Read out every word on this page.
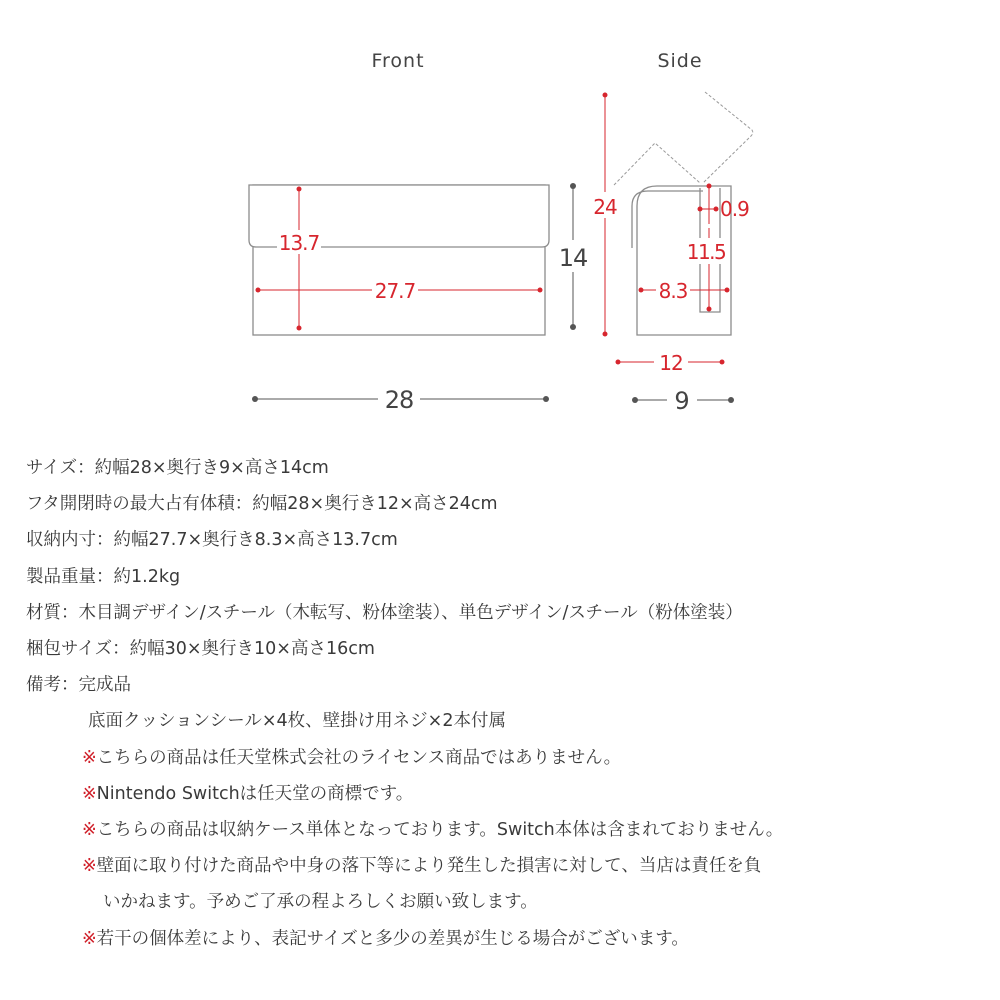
Front	Side
13.7
27.7
14
28
24	0.9
11.5
8.3
12
9
サイズ：約幅28×奥行き9×高さ14cm
フタ開閉時の最大占有体積：約幅28×奥行き12×高さ24cm
収納内寸：約幅27.7×奥行き8.3×高さ13.7cm
製品重量：約1.2kg
材質：木目調デザイン/スチール（木転写、粉体塗装）、単色デザイン/スチール（粉体塗装）
梱包サイズ：約幅30×奥行き10×高さ16cm
備考：完成品
底面クッションシール×4枚、壁掛け用ネジ×2本付属
※こちらの商品は任天堂株式会社のライセンス商品ではありません。
※Nintendo Switchは任天堂の商標です。
※こちらの商品は収納ケース単体となっております。Switch本体は含まれておりません。
※壁面に取り付けた商品や中身の落下等により発生した損害に対して、当店は責任を負
いかねます。予めご了承の程よろしくお願い致します。
※若干の個体差により、表記サイズと多少の差異が生じる場合がございます。
